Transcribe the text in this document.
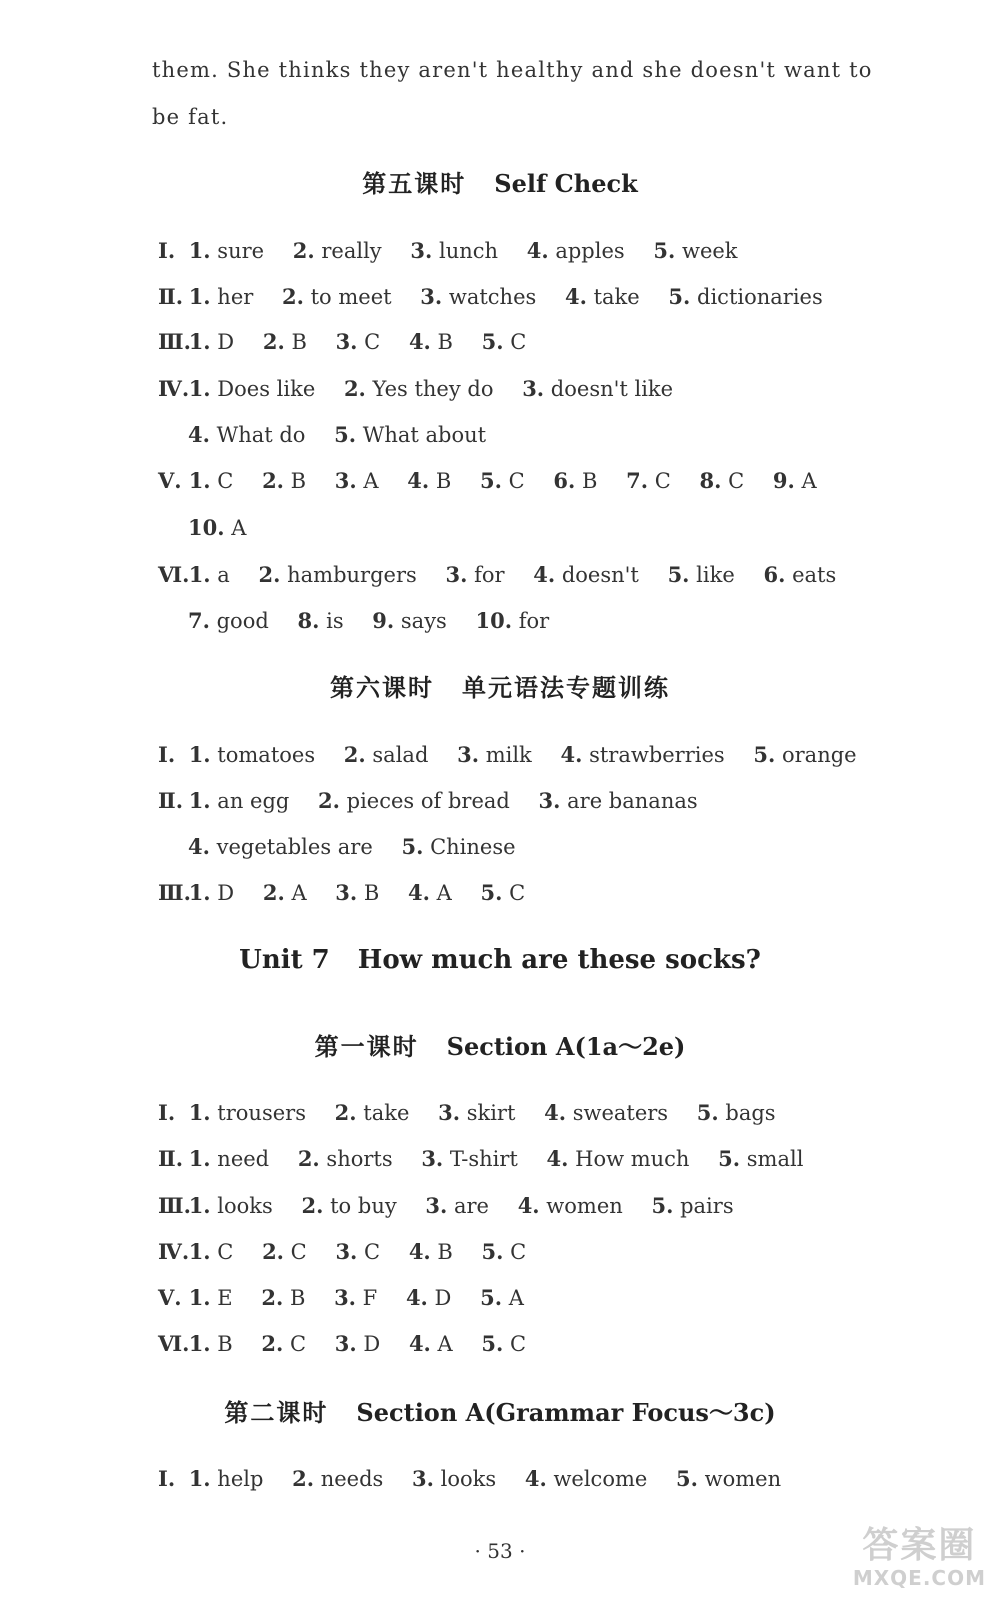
them. She thinks they aren't healthy and she doesn't want to
be fat.
第五课时 Self Check
Ⅰ. 1. sure 2. really 3. lunch 4. apples 5. week
Ⅱ. 1. her 2. to meet 3. watches 4. take 5. dictionaries
Ⅲ. 1. D 2. B 3. C 4. B 5. C
Ⅳ. 1. Does like 2. Yes they do 3. doesn't like
4. What do 5. What about
Ⅴ. 1. C 2. B 3. A 4. B 5. C 6. B 7. C 8. C 9. A
10. A
Ⅵ. 1. a 2. hamburgers 3. for 4. doesn't 5. like 6. eats
7. good 8. is 9. says 10. for
第六课时 单元语法专题训练
Ⅰ. 1. tomatoes 2. salad 3. milk 4. strawberries 5. orange
Ⅱ. 1. an egg 2. pieces of bread 3. are bananas
4. vegetables are 5. Chinese
Ⅲ. 1. D 2. A 3. B 4. A 5. C
Unit 7 How much are these socks?
第一课时 Section A(1a～2e)
Ⅰ. 1. trousers 2. take 3. skirt 4. sweaters 5. bags
Ⅱ. 1. need 2. shorts 3. T-shirt 4. How much 5. small
Ⅲ. 1. looks 2. to buy 3. are 4. women 5. pairs
Ⅳ. 1. C 2. C 3. C 4. B 5. C
Ⅴ. 1. E 2. B 3. F 4. D 5. A
Ⅵ. 1. B 2. C 3. D 4. A 5. C
第二课时 Section A(Grammar Focus～3c)
Ⅰ. 1. help 2. needs 3. looks 4. welcome 5. women
· 53 ·	答案圈
MXQE.COM
